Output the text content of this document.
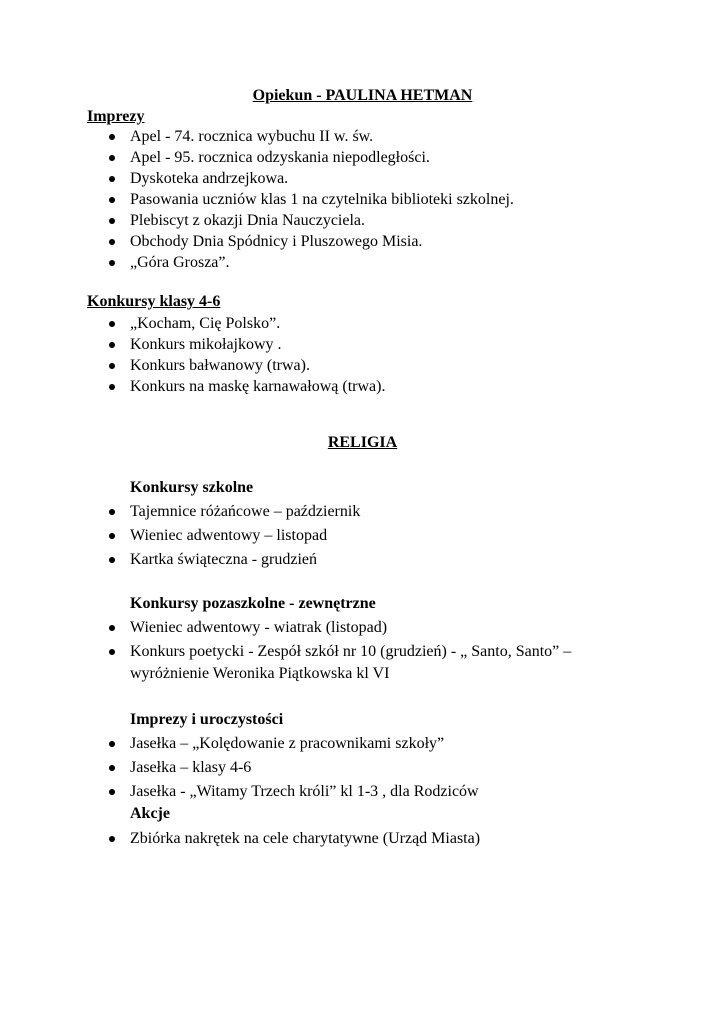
Opiekun - PAULINA HETMAN
Imprezy
Apel - 74. rocznica wybuchu II w. św.
Apel - 95. rocznica odzyskania niepodległości.
Dyskoteka andrzejkowa.
Pasowania uczniów klas 1 na czytelnika biblioteki szkolnej.
Plebiscyt z okazji Dnia Nauczyciela.
Obchody Dnia Spódnicy i Pluszowego Misia.
„Góra Grosza”.
Konkursy klasy 4-6
„Kocham, Cię Polsko”.
Konkurs mikołajkowy .
Konkurs bałwanowy (trwa).
Konkurs na maskę karnawałową (trwa).
RELIGIA
Konkursy szkolne
Tajemnice różańcowe – październik
Wieniec adwentowy – listopad
Kartka świąteczna - grudzień
Konkursy pozaszkolne - zewnętrzne
Wieniec adwentowy - wiatrak (listopad)
Konkurs poetycki - Zespół szkół nr 10 (grudzień) - „ Santo, Santo” –
wyróżnienie Weronika Piątkowska kl VI
Imprezy i uroczystości
Jasełka – „Kolędowanie z pracownikami szkoły”
Jasełka – klasy 4-6
Jasełka - „Witamy Trzech króli” kl 1-3 , dla Rodziców
Akcje
Zbiórka nakrętek na cele charytatywne (Urząd Miasta)
